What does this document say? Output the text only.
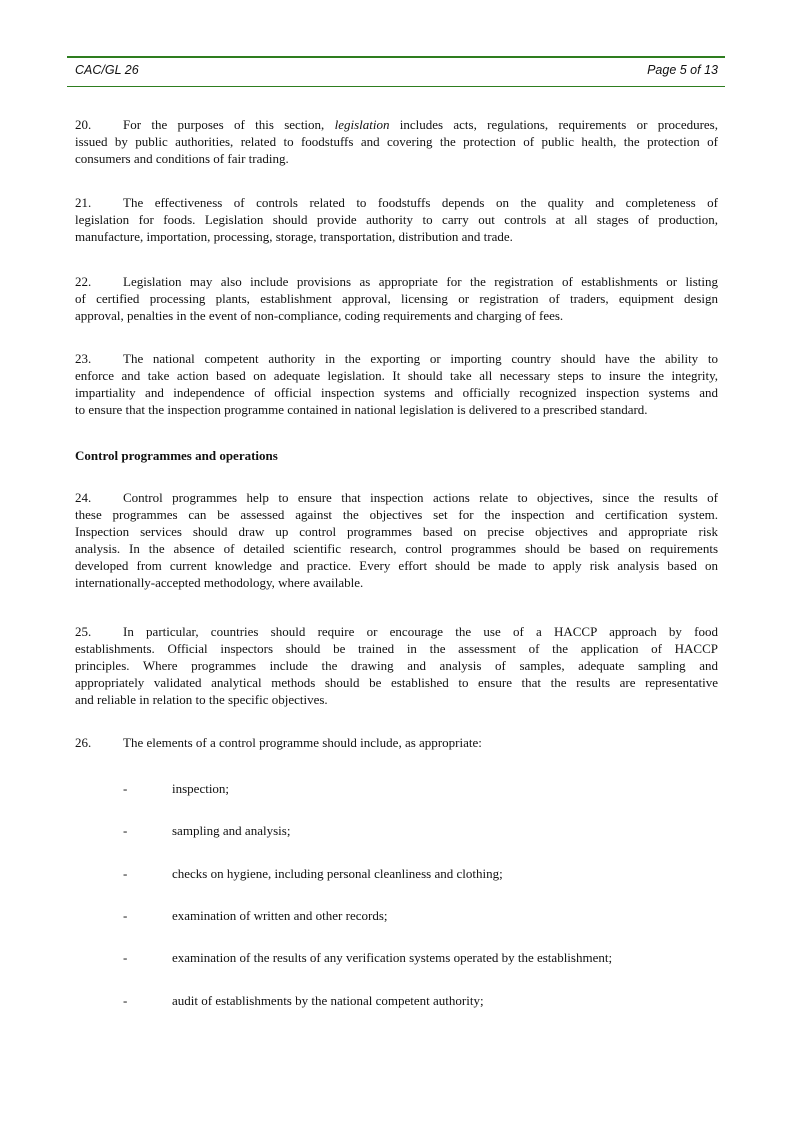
CAC/GL 26	Page 5 of 13
20. For the purposes of this section, legislation includes acts, regulations, requirements or procedures,
issued by public authorities, related to foodstuffs and covering the protection of public health, the protection of
consumers and conditions of fair trading.
21. The effectiveness of controls related to foodstuffs depends on the quality and completeness of
legislation for foods. Legislation should provide authority to carry out controls at all stages of production,
manufacture, importation, processing, storage, transportation, distribution and trade.
22. Legislation may also include provisions as appropriate for the registration of establishments or listing
of certified processing plants, establishment approval, licensing or registration of traders, equipment design
approval, penalties in the event of non-compliance, coding requirements and charging of fees.
23. The national competent authority in the exporting or importing country should have the ability to
enforce and take action based on adequate legislation. It should take all necessary steps to insure the integrity,
impartiality and independence of official inspection systems and officially recognized inspection systems and
to ensure that the inspection programme contained in national legislation is delivered to a prescribed standard.
24. Control programmes help to ensure that inspection actions relate to objectives, since the results of
these programmes can be assessed against the objectives set for the inspection and certification system.
Inspection services should draw up control programmes based on precise objectives and appropriate risk
analysis. In the absence of detailed scientific research, control programmes should be based on requirements
developed from current knowledge and practice. Every effort should be made to apply risk analysis based on
internationally-accepted methodology, where available.
25. In particular, countries should require or encourage the use of a HACCP approach by food
establishments. Official inspectors should be trained in the assessment of the application of HACCP
principles. Where programmes include the drawing and analysis of samples, adequate sampling and
appropriately validated analytical methods should be established to ensure that the results are representative
and reliable in relation to the specific objectives.
26. The elements of a control programme should include, as appropriate:
Control programmes and operations
-	inspection;
-	sampling and analysis;
-	checks on hygiene, including personal cleanliness and clothing;
-	examination of written and other records;
-	examination of the results of any verification systems operated by the establishment;
-	audit of establishments by the national competent authority;
